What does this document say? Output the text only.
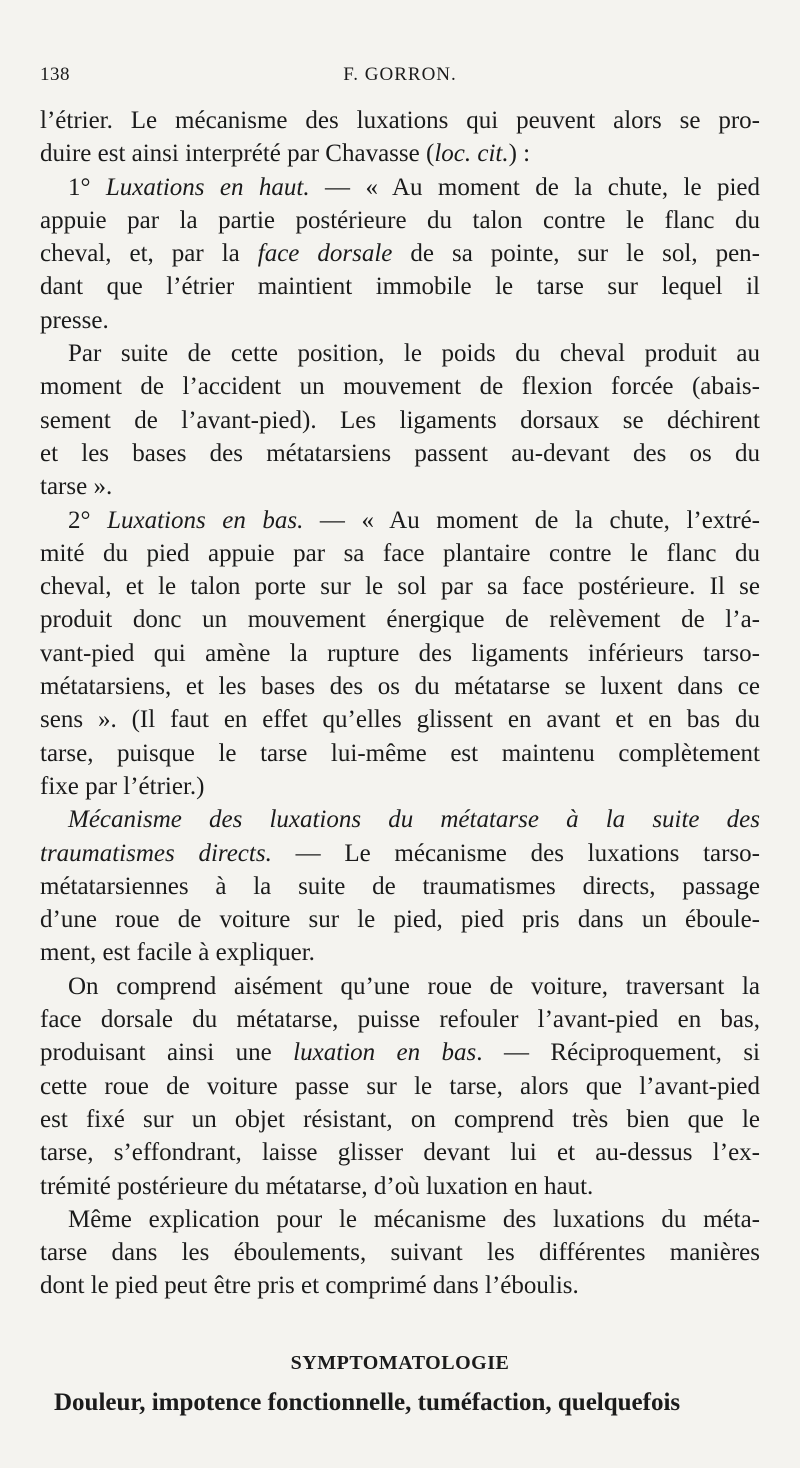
138	F. GORRON.
l’étrier. Le mécanisme des luxations qui peuvent alors se pro-
duire est ainsi interprété par Chavasse (loc. cit.) :
1° Luxations en haut. — « Au moment de la chute, le pied
appuie par la partie postérieure du talon contre le flanc du
cheval, et, par la face dorsale de sa pointe, sur le sol, pen-
dant que l’étrier maintient immobile le tarse sur lequel il
presse.
Par suite de cette position, le poids du cheval produit au
moment de l’accident un mouvement de flexion forcée (abais-
sement de l’avant-pied). Les ligaments dorsaux se déchirent
et les bases des métatarsiens passent au-devant des os du
tarse ».
2° Luxations en bas. — « Au moment de la chute, l’extré-
mité du pied appuie par sa face plantaire contre le flanc du
cheval, et le talon porte sur le sol par sa face postérieure. Il se
produit donc un mouvement énergique de relèvement de l’a-
vant-pied qui amène la rupture des ligaments inférieurs tarso-
métatarsiens, et les bases des os du métatarse se luxent dans ce
sens ». (Il faut en effet qu’elles glissent en avant et en bas du
tarse, puisque le tarse lui-même est maintenu complètement
fixe par l’étrier.)
Mécanisme des luxations du métatarse à la suite des
traumatismes directs. — Le mécanisme des luxations tarso-
métatarsiennes à la suite de traumatismes directs, passage
d’une roue de voiture sur le pied, pied pris dans un éboule-
ment, est facile à expliquer.
On comprend aisément qu’une roue de voiture, traversant la
face dorsale du métatarse, puisse refouler l’avant-pied en bas,
produisant ainsi une luxation en bas. — Réciproquement, si
cette roue de voiture passe sur le tarse, alors que l’avant-pied
est fixé sur un objet résistant, on comprend très bien que le
tarse, s’effondrant, laisse glisser devant lui et au-dessus l’ex-
trémité postérieure du métatarse, d’où luxation en haut.
Même explication pour le mécanisme des luxations du méta-
tarse dans les éboulements, suivant les différentes manières
dont le pied peut être pris et comprimé dans l’éboulis.
SYMPTOMATOLOGIE
Douleur, impotence fonctionnelle, tuméfaction, quelquefois
